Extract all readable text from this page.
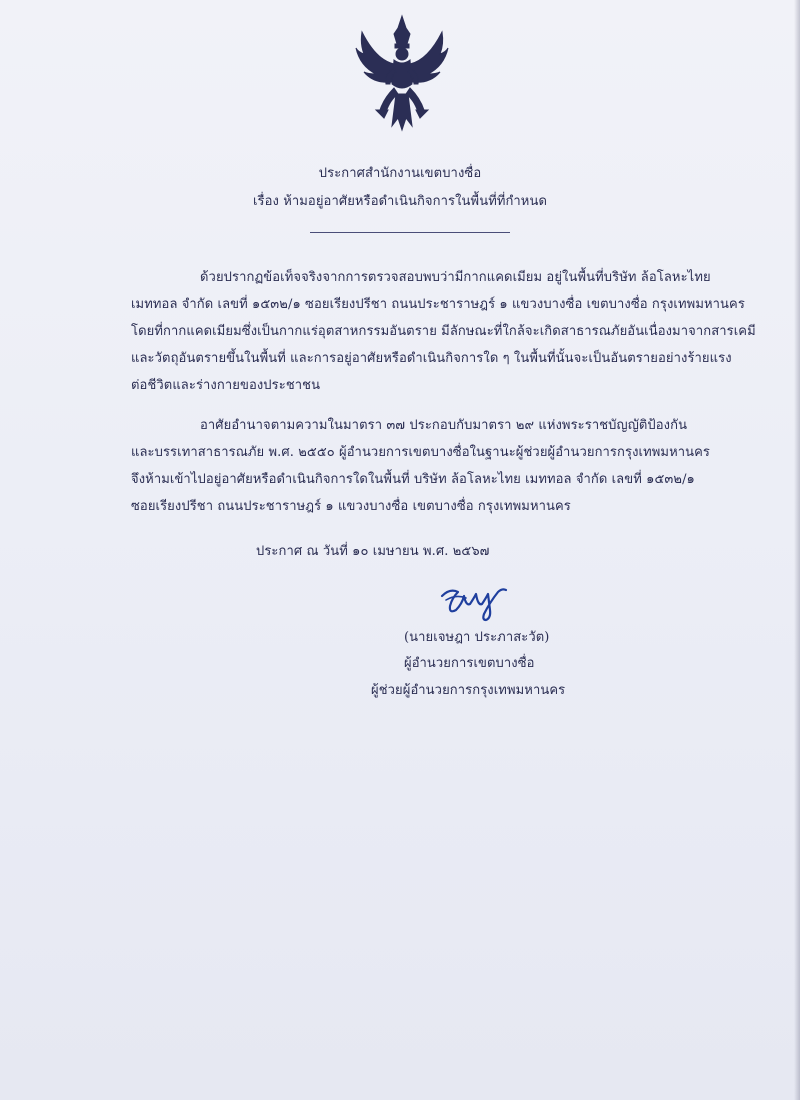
ประกาศสำนักงานเขตบางซื่อ
เรื่อง ห้ามอยู่อาศัยหรือดำเนินกิจการในพื้นที่ที่กำหนด
ด้วยปรากฏข้อเท็จจริงจากการตรวจสอบพบว่ามีกากแคดเมียม อยู่ในพื้นที่บริษัท ล้อโลหะไทย
เมททอล จำกัด เลขที่ ๑๕๓๒/๑ ซอยเรียงปรีชา ถนนประชาราษฎร์ ๑ แขวงบางซื่อ เขตบางซื่อ กรุงเทพมหานคร
โดยที่กากแคดเมียมซึ่งเป็นกากแร่อุตสาหกรรมอันตราย มีลักษณะที่ใกล้จะเกิดสาธารณภัยอันเนื่องมาจากสารเคมี
และวัตถุอันตรายขึ้นในพื้นที่ และการอยู่อาศัยหรือดำเนินกิจการใด ๆ ในพื้นที่นั้นจะเป็นอันตรายอย่างร้ายแรง
ต่อชีวิตและร่างกายของประชาชน
อาศัยอำนาจตามความในมาตรา ๓๗ ประกอบกับมาตรา ๒๙ แห่งพระราชบัญญัติป้องกัน
และบรรเทาสาธารณภัย พ.ศ. ๒๕๕๐ ผู้อำนวยการเขตบางซื่อในฐานะผู้ช่วยผู้อำนวยการกรุงเทพมหานคร
จึงห้ามเข้าไปอยู่อาศัยหรือดำเนินกิจการใดในพื้นที่ บริษัท ล้อโลหะไทย เมททอล จำกัด เลขที่ ๑๕๓๒/๑
ซอยเรียงปรีชา ถนนประชาราษฎร์ ๑ แขวงบางซื่อ เขตบางซื่อ กรุงเทพมหานคร
ประกาศ ณ วันที่ ๑๐ เมษายน พ.ศ. ๒๕๖๗
(นายเจษฎา ประภาสะวัต)
ผู้อำนวยการเขตบางซื่อ
ผู้ช่วยผู้อำนวยการกรุงเทพมหานคร
